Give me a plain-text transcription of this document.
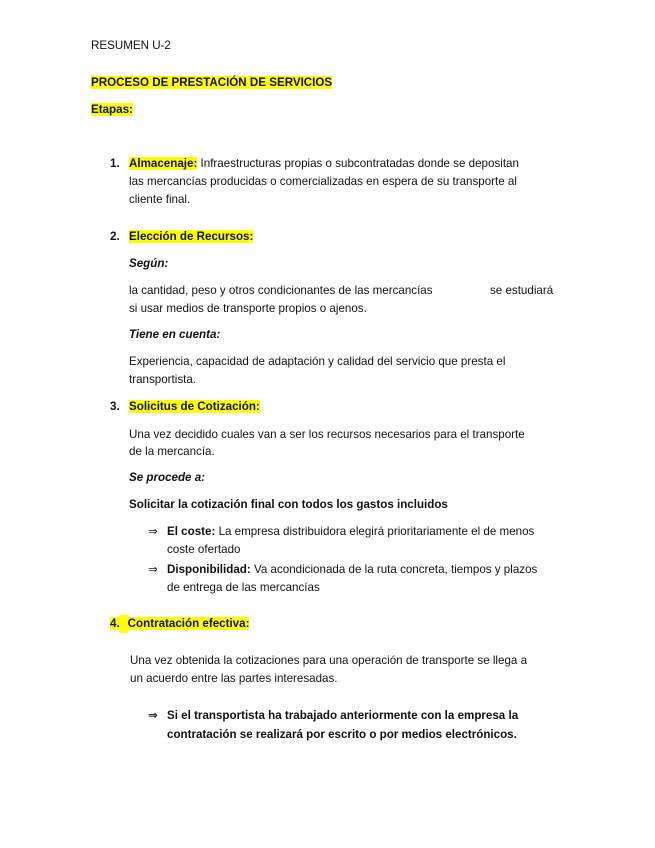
RESUMEN U-2
PROCESO DE PRESTACIÓN DE SERVICIOS
Etapas:
1. Almacenaje: Infraestructuras propias o subcontratadas donde se depositan
las mercancías producidas o comercializadas en espera de su transporte al
cliente final.
2. Elección de Recursos:
Según:
la cantidad, peso y otros condicionantes de las mercancías	se estudiará
si usar medios de transporte propios o ajenos.
Tiene en cuenta:
Experiencia, capacidad de adaptación y calidad del servicio que presta el
transportista.
3. Solicitus de Cotización:
Una vez decidido cuales van a ser los recursos necesarios para el transporte
de la mercancía.
Se procede a:
Solicitar la cotización final con todos los gastos incluidos
⇒ El coste: La empresa distribuidora elegirá prioritariamente el de menos
coste ofertado
⇒ Disponibilidad: Va acondicionada de la ruta concreta, tiempos y plazos
de entrega de las mercancías
4. Contratación efectiva:
Una vez obtenida la cotizaciones para una operación de transporte se llega a
un acuerdo entre las partes interesadas.
⇒ Si el transportista ha trabajado anteriormente con la empresa la
contratación se realizará por escrito o por medios electrónicos.
